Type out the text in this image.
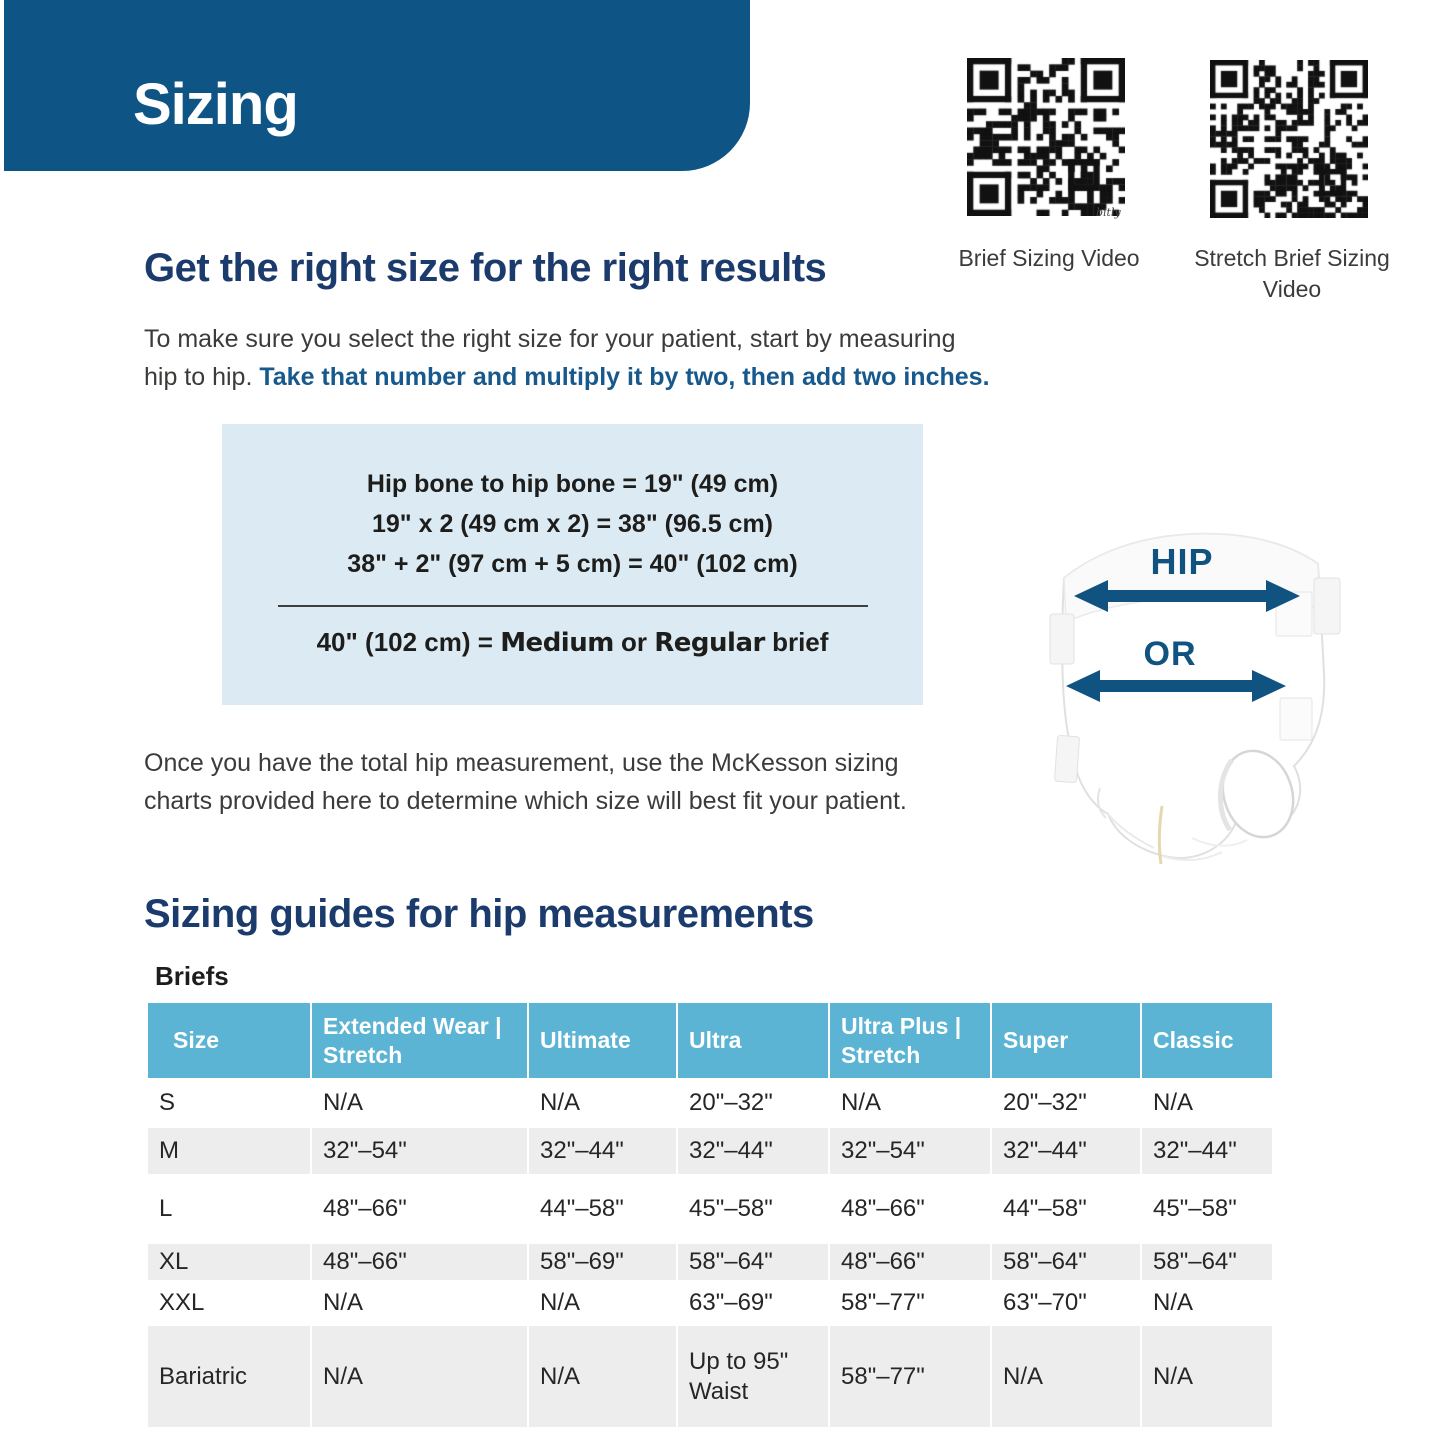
Sizing
bitly
Brief Sizing Video	Stretch Brief Sizing Video
Get the right size for the right results
To make sure you select the right size for your patient, start by measuring
hip to hip. Take that number and multiply it by two, then add two inches.
Hip bone to hip bone = 19" (49 cm)
19" x 2 (49 cm x 2) = 38" (96.5 cm)
38" + 2" (97 cm + 5 cm) = 40" (102 cm)
40" (102 cm) = Medium or Regular brief
HIP
OR
Once you have the total hip measurement, use the McKesson sizing
charts provided here to determine which size will best fit your patient.
Sizing guides for hip measurements
Briefs
Size	Extended Wear | Stretch	Ultimate	Ultra	Ultra Plus | Stretch	Super	Classic
S	N/A	N/A	20"–32"	N/A	20"–32"	N/A
M	32"–54"	32"–44"	32"–44"	32"–54"	32"–44"	32"–44"
L	48"–66"	44"–58"	45"–58"	48"–66"	44"–58"	45"–58"
XL	48"–66"	58"–69"	58"–64"	48"–66"	58"–64"	58"–64"
XXL	N/A	N/A	63"–69"	58"–77"	63"–70"	N/A
Bariatric	N/A	N/A	Up to 95" Waist	58"–77"	N/A	N/A
